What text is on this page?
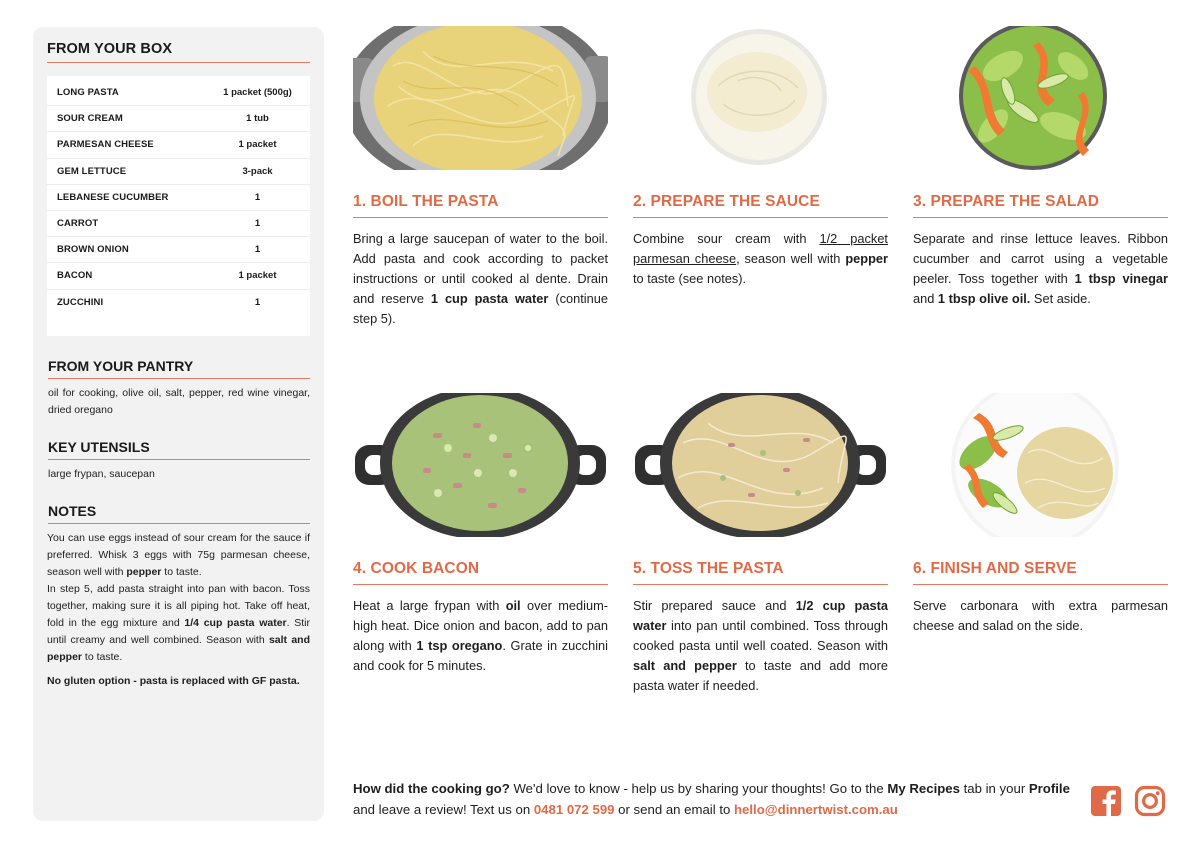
FROM YOUR BOX
LONG PASTA	1 packet (500g)
SOUR CREAM	1 tub
PARMESAN CHEESE	1 packet
GEM LETTUCE	3-pack
LEBANESE CUCUMBER	1
CARROT	1
BROWN ONION	1
BACON	1 packet
ZUCCHINI	1
FROM YOUR PANTRY
oil for cooking, olive oil, salt, pepper, red wine vinegar, dried oregano
KEY UTENSILS
large frypan, saucepan
NOTES
You can use eggs instead of sour cream for the sauce if preferred. Whisk 3 eggs with 75g parmesan cheese, season well with pepper to taste.
In step 5, add pasta straight into pan with bacon. Toss together, making sure it is all piping hot. Take off heat, fold in the egg mixture and 1/4 cup pasta water. Stir until creamy and well combined. Season with salt and pepper to taste.
No gluten option - pasta is replaced with GF pasta.
1. BOIL THE PASTA
Bring a large saucepan of water to the boil. Add pasta and cook according to packet instructions or until cooked al dente. Drain and reserve 1 cup pasta water (continue step 5).
2. PREPARE THE SAUCE
Combine sour cream with 1/2 packet parmesan cheese, season well with pepper to taste (see notes).
3. PREPARE THE SALAD
Separate and rinse lettuce leaves. Ribbon cucumber and carrot using a vegetable peeler. Toss together with 1 tbsp vinegar and 1 tbsp olive oil. Set aside.
4. COOK BACON
Heat a large frypan with oil over medium-high heat. Dice onion and bacon, add to pan along with 1 tsp oregano. Grate in zucchini and cook for 5 minutes.
5. TOSS THE PASTA
Stir prepared sauce and 1/2 cup pasta water into pan until combined. Toss through cooked pasta until well coated. Season with salt and pepper to taste and add more pasta water if needed.
6. FINISH AND SERVE
Serve carbonara with extra parmesan cheese and salad on the side.
How did the cooking go? We'd love to know - help us by sharing your thoughts! Go to the My Recipes tab in your Profile and leave a review! Text us on 0481 072 599 or send an email to hello@dinnertwist.com.au
